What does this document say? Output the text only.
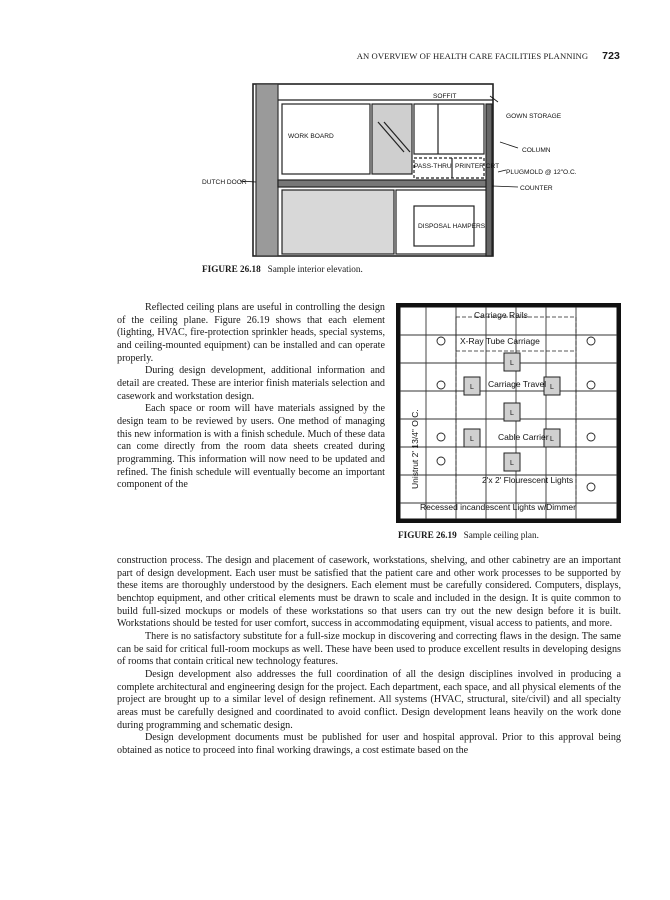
AN OVERVIEW OF HEALTH CARE FACILITIES PLANNING 723
SOFFIT
GOWN STORAGE
WORK BOARD
COLUMN
PASS-THRU PRINTER CRT
PLUGMOLD @ 12"O.C.
DUTCH DOOR
COUNTER
DISPOSAL HAMPERS
FIGURE 26.18 Sample interior elevation.
L
L
L
L
L
L
L
Carriage Rails
X-Ray Tube Carriage
Carriage Travel
Cable Carrier
2'x 2' Flourescent Lights
Recessed incandescent Lights w/Dimmer
Unistrut 2' 13/4" O.C.
FIGURE 26.19 Sample ceiling plan.

Reflected ceiling plans are useful in controlling the design of the ceiling plane. Figure 26.19 shows that each element (lighting, HVAC, fire-protection sprinkler heads, special systems, and ceiling-mounted equipment) can be installed and can operate properly.

During design development, additional information and detail are created. These are interior finish materials selection and casework and workstation design.

Each space or room will have materials assigned by the design team to be reviewed by users. One method of managing this new information is with a finish schedule. Much of these data can come directly from the room data sheets created during programming. This information will now need to be updated and refined. The finish schedule will eventually become an important component of the

construction process. The design and placement of casework, workstations, shelving, and other cabinetry are an important part of design development. Each user must be satisfied that the patient care and other work processes to be supported by these items are thoroughly understood by the designers. Each element must be carefully considered. Computers, displays, benchtop equipment, and other critical elements must be drawn to scale and included in the design. It is quite common to build full-sized mockups or models of these workstations so that users can try out the new design before it is built. Workstations should be tested for user comfort, success in accommodating equipment, visual access to patients, and more.

There is no satisfactory substitute for a full-size mockup in discovering and correcting flaws in the design. The same can be said for critical full-room mockups as well. These have been used to produce excellent results in developing designs of rooms that contain critical new technology features.

Design development also addresses the full coordination of all the design disciplines involved in producing a complete architectural and engineering design for the project. Each department, each space, and all physical elements of the project are brought up to a similar level of design refinement. All systems (HVAC, structural, site/civil) and all specialty areas must be carefully designed and coordinated to avoid conflict. Design development leans heavily on the work done during programming and schematic design.

Design development documents must be published for user and hospital approval. Prior to this approval being obtained as notice to proceed into final working drawings, a cost estimate based on the
